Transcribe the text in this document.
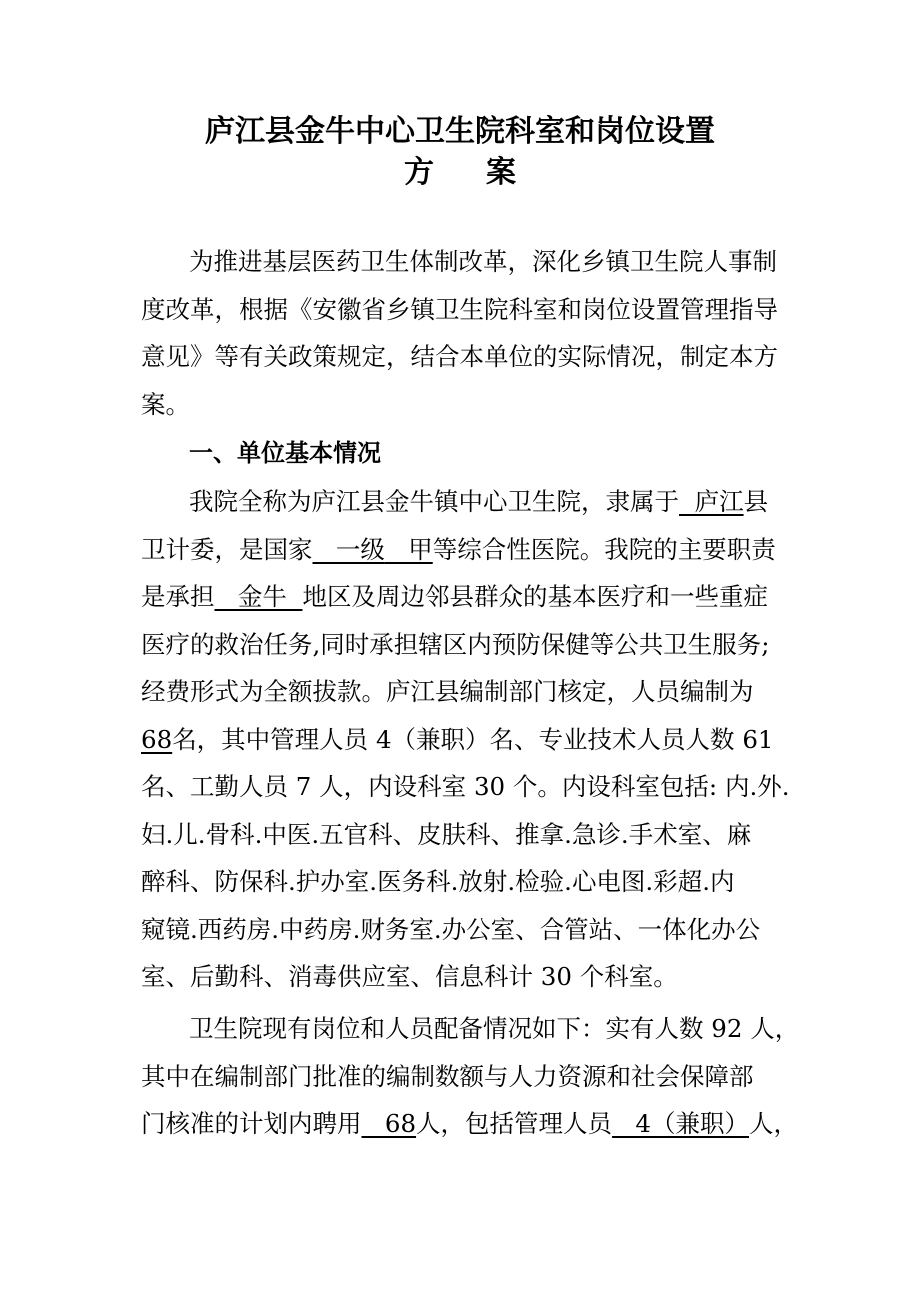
庐江县金牛中心卫生院科室和岗位设置
方 案
为推进基层医药卫生体制改革，深化乡镇卫生院人事制
度改革，根据《安徽省乡镇卫生院科室和岗位设置管理指导
意见》等有关政策规定，结合本单位的实际情况，制定本方
案。
一、单位基本情况
我院全称为庐江县金牛镇中心卫生院，隶属于  庐江县
卫计委，是国家   一级   甲等综合性医院。我院的主要职责
是承担   金牛  地区及周边邻县群众的基本医疗和一些重症
医疗的救治任务,同时承担辖区内预防保健等公共卫生服务;
经费形式为全额拔款。庐江县编制部门核定，人员编制为
68名，其中管理人员 4（兼职）名、专业技术人员人数 61
名、工勤人员 7 人，内设科室 30 个。内设科室包括: 内.外.
妇.儿.骨科.中医.五官科、皮肤科、推拿.急诊.手术室、麻
醉科、防保科.护办室.医务科.放射.检验.心电图.彩超.内
窥镜.西药房.中药房.财务室.办公室、合管站、一体化办公
室、后勤科、消毒供应室、信息科计 30 个科室。
卫生院现有岗位和人员配备情况如下：实有人数 92 人，
其中在编制部门批准的编制数额与人力资源和社会保障部
门核准的计划内聘用   68人，包括管理人员   4（兼职）人，
